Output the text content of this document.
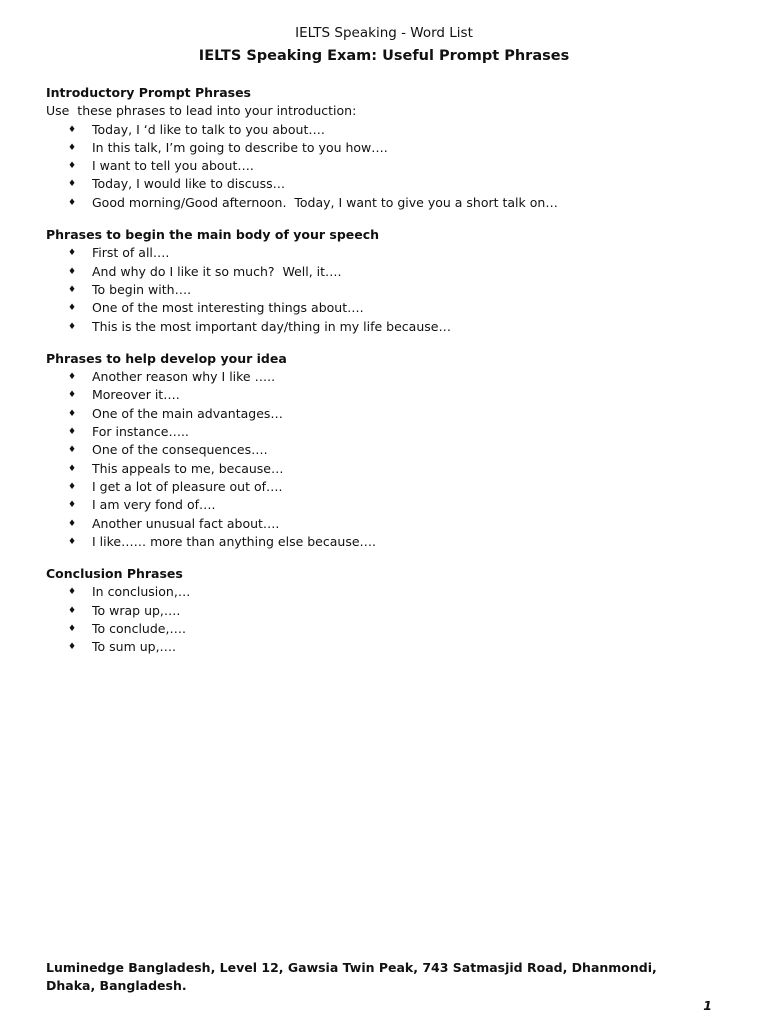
IELTS Speaking - Word List

IELTS Speaking Exam: Useful Prompt Phrases

Introductory Prompt Phrases

Use  these phrases to lead into your introduction:

♦ Today, I ‘d like to talk to you about….
♦ In this talk, I’m going to describe to you how….
♦ I want to tell you about….
♦ Today, I would like to discuss…
♦ Good morning/Good afternoon.  Today, I want to give you a short talk on…

Phrases to begin the main body of your speech

♦ First of all….
♦ And why do I like it so much?  Well, it….
♦ To begin with….
♦ One of the most interesting things about….
♦ This is the most important day/thing in my life because…

Phrases to help develop your idea

♦ Another reason why I like …..
♦ Moreover it….
♦ One of the main advantages…
♦ For instance…..
♦ One of the consequences….
♦ This appeals to me, because…
♦ I get a lot of pleasure out of….
♦ I am very fond of….
♦ Another unusual fact about….
♦ I like…… more than anything else because….

Conclusion Phrases

♦ In conclusion,…
♦ To wrap up,….
♦ To conclude,….
♦ To sum up,….

Luminedge Bangladesh, Level 12, Gawsia Twin Peak, 743 Satmasjid Road, Dhanmondi, Dhaka, Bangladesh.

1
